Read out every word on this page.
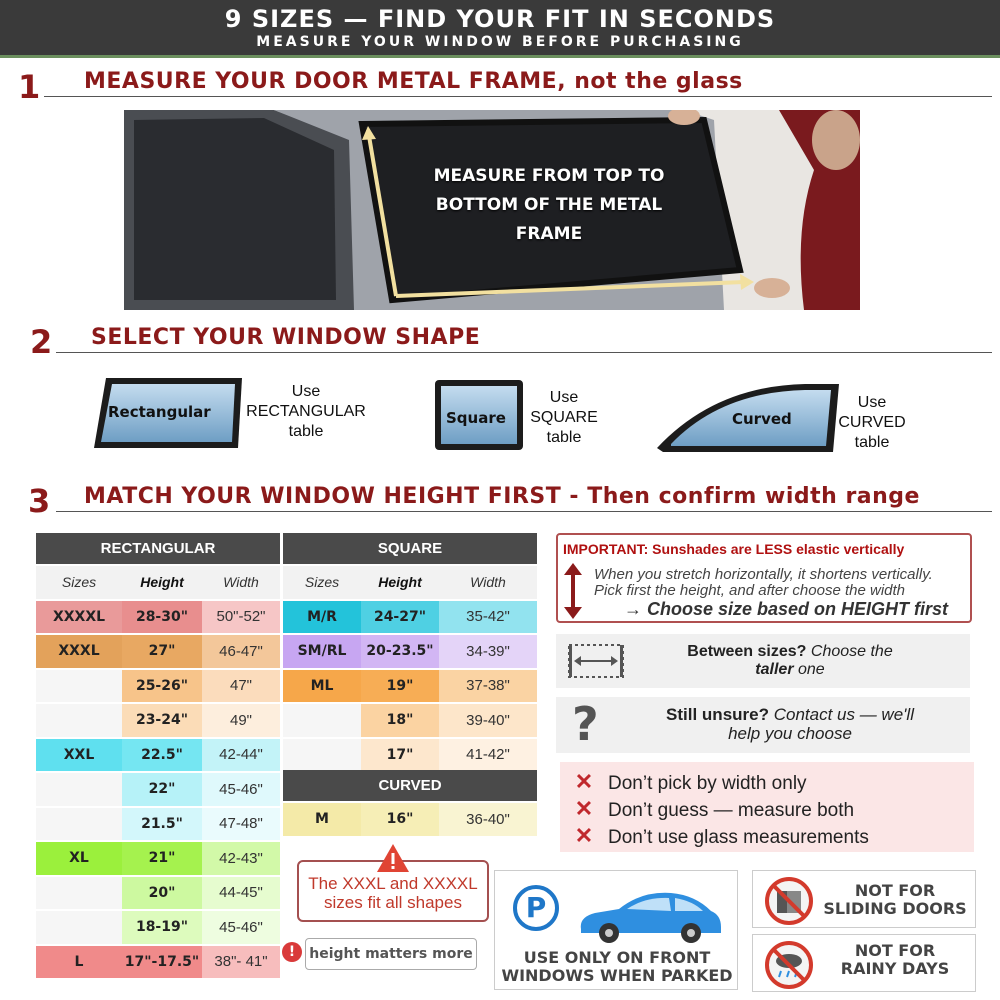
9 SIZES — FIND YOUR FIT IN SECONDS
MEASURE YOUR WINDOW BEFORE PURCHASING
1 MEASURE YOUR DOOR METAL FRAME, not the glass
MEASURE FROM TOP TO BOTTOM OF THE METAL FRAME
2 SELECT YOUR WINDOW SHAPE
Rectangular
Use
RECTANGULAR
table
Square
Use
SQUARE
table
Curved
Use
CURVED
table
3 MATCH YOUR WINDOW HEIGHT FIRST - Then confirm width range
RECTANGULAR		
Sizes	Height	Width
XXXXL	28-30"	50"-52"
XXXL	27"	46-47"
	25-26"	47"
	23-24"	49"
XXL	22.5"	42-44"
	22"	45-46"
	21.5"	47-48"
XL	21"	42-43"
	20"	44-45"
	18-19"	45-46"
L	17"-17.5"	38"- 41"
SQUARE		
Sizes	Height	Width
M/R	24-27"	35-42"
SM/RL	20-23.5"	34-39"
ML	19"	37-38"
	18"	39-40"
	17"	41-42"
CURVED
M	16"	36-40"
The XXXL and XXXXL sizes fit all shapes
!	height matters more
IMPORTANT: Sunshades are LESS elastic vertically
When you stretch horizontally, it shortens vertically.
Pick first the height, and after choose the width
→ Choose size based on HEIGHT first
Between sizes? Choose the
taller one
?	Still unsure? Contact us — we'll
help you choose
✕ Don’t pick by width only
✕ Don’t guess — measure both
✕ Don’t use glass measurements
P
USE ONLY ON FRONT
WINDOWS WHEN PARKED
NOT FOR
SLIDING DOORS
NOT FOR
RAINY DAYS
